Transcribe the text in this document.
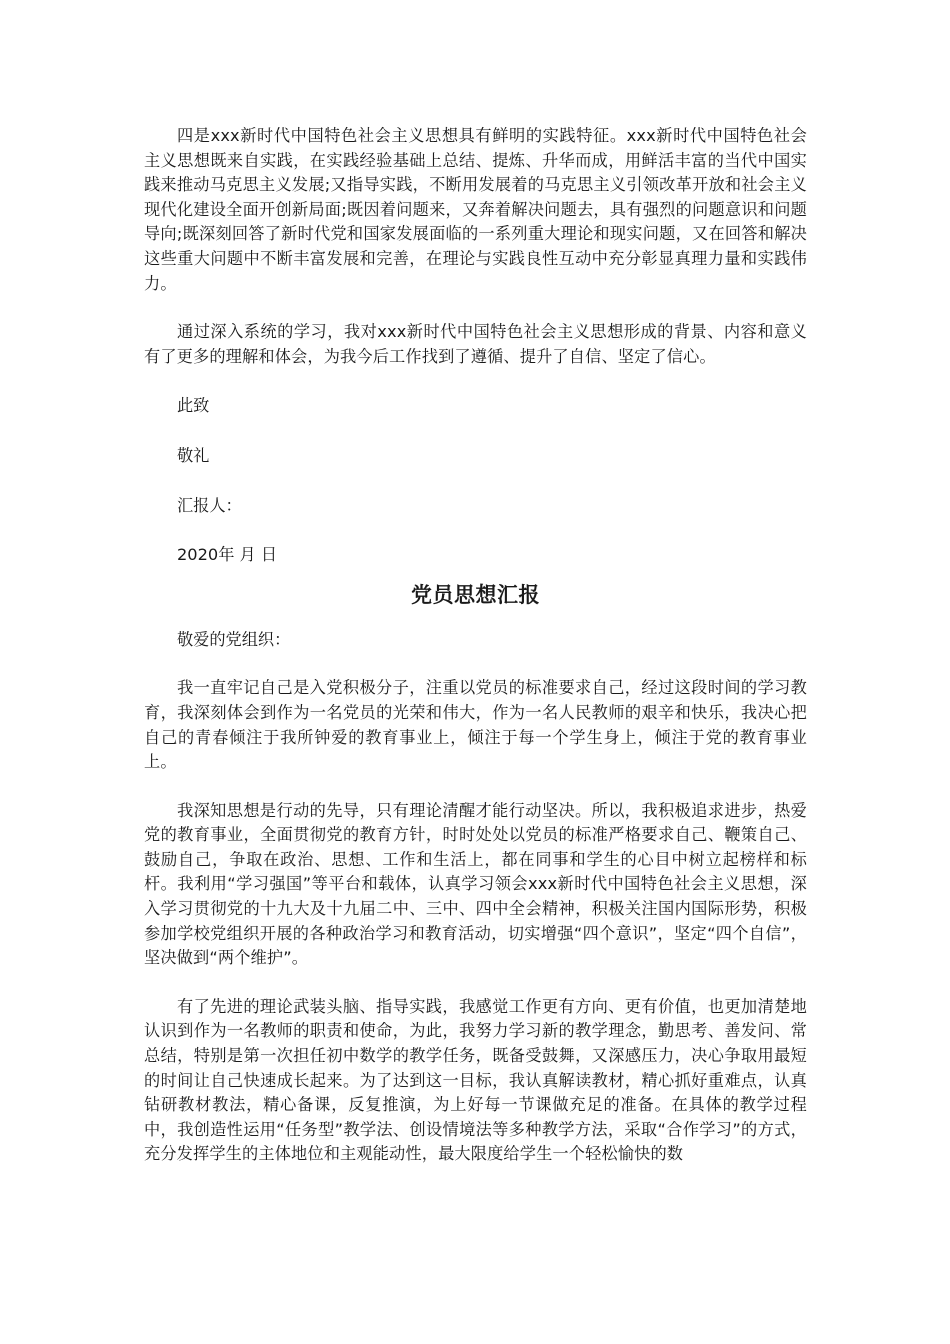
四是xxx新时代中国特色社会主义思想具有鲜明的实践特征。xxx新时代中国特色社会主义思想既来自实践，在实践经验基础上总结、提炼、升华而成，用鲜活丰富的当代中国实践来推动马克思主义发展;又指导实践，不断用发展着的马克思主义引领改革开放和社会主义现代化建设全面开创新局面;既因着问题来，又奔着解决问题去，具有强烈的问题意识和问题导向;既深刻回答了新时代党和国家发展面临的一系列重大理论和现实问题，又在回答和解决这些重大问题中不断丰富发展和完善，在理论与实践良性互动中充分彰显真理力量和实践伟力。

通过深入系统的学习，我对xxx新时代中国特色社会主义思想形成的背景、内容和意义有了更多的理解和体会，为我今后工作找到了遵循、提升了自信、坚定了信心。

此致

敬礼

汇报人：

2020年 月 日

党员思想汇报

敬爱的党组织：

我一直牢记自己是入党积极分子，注重以党员的标准要求自己，经过这段时间的学习教育，我深刻体会到作为一名党员的光荣和伟大，作为一名人民教师的艰辛和快乐，我决心把自己的青春倾注于我所钟爱的教育事业上，倾注于每一个学生身上，倾注于党的教育事业上。

我深知思想是行动的先导，只有理论清醒才能行动坚决。所以，我积极追求进步，热爱党的教育事业，全面贯彻党的教育方针，时时处处以党员的标准严格要求自己、鞭策自己、鼓励自己，争取在政治、思想、工作和生活上，都在同事和学生的心目中树立起榜样和标杆。我利用“学习强国”等平台和载体，认真学习领会xxx新时代中国特色社会主义思想，深入学习贯彻党的十九大及十九届二中、三中、四中全会精神，积极关注国内国际形势，积极参加学校党组织开展的各种政治学习和教育活动，切实增强“四个意识”，坚定“四个自信”，坚决做到“两个维护”。

有了先进的理论武装头脑、指导实践，我感觉工作更有方向、更有价值，也更加清楚地认识到作为一名教师的职责和使命，为此，我努力学习新的教学理念，勤思考、善发问、常总结，特别是第一次担任初中数学的教学任务，既备受鼓舞，又深感压力，决心争取用最短的时间让自己快速成长起来。为了达到这一目标，我认真解读教材，精心抓好重难点，认真钻研教材教法，精心备课，反复推演，为上好每一节课做充足的准备。在具体的教学过程中，我创造性运用“任务型”教学法、创设情境法等多种教学方法，采取“合作学习”的方式，充分发挥学生的主体地位和主观能动性，最大限度给学生一个轻松愉快的数
